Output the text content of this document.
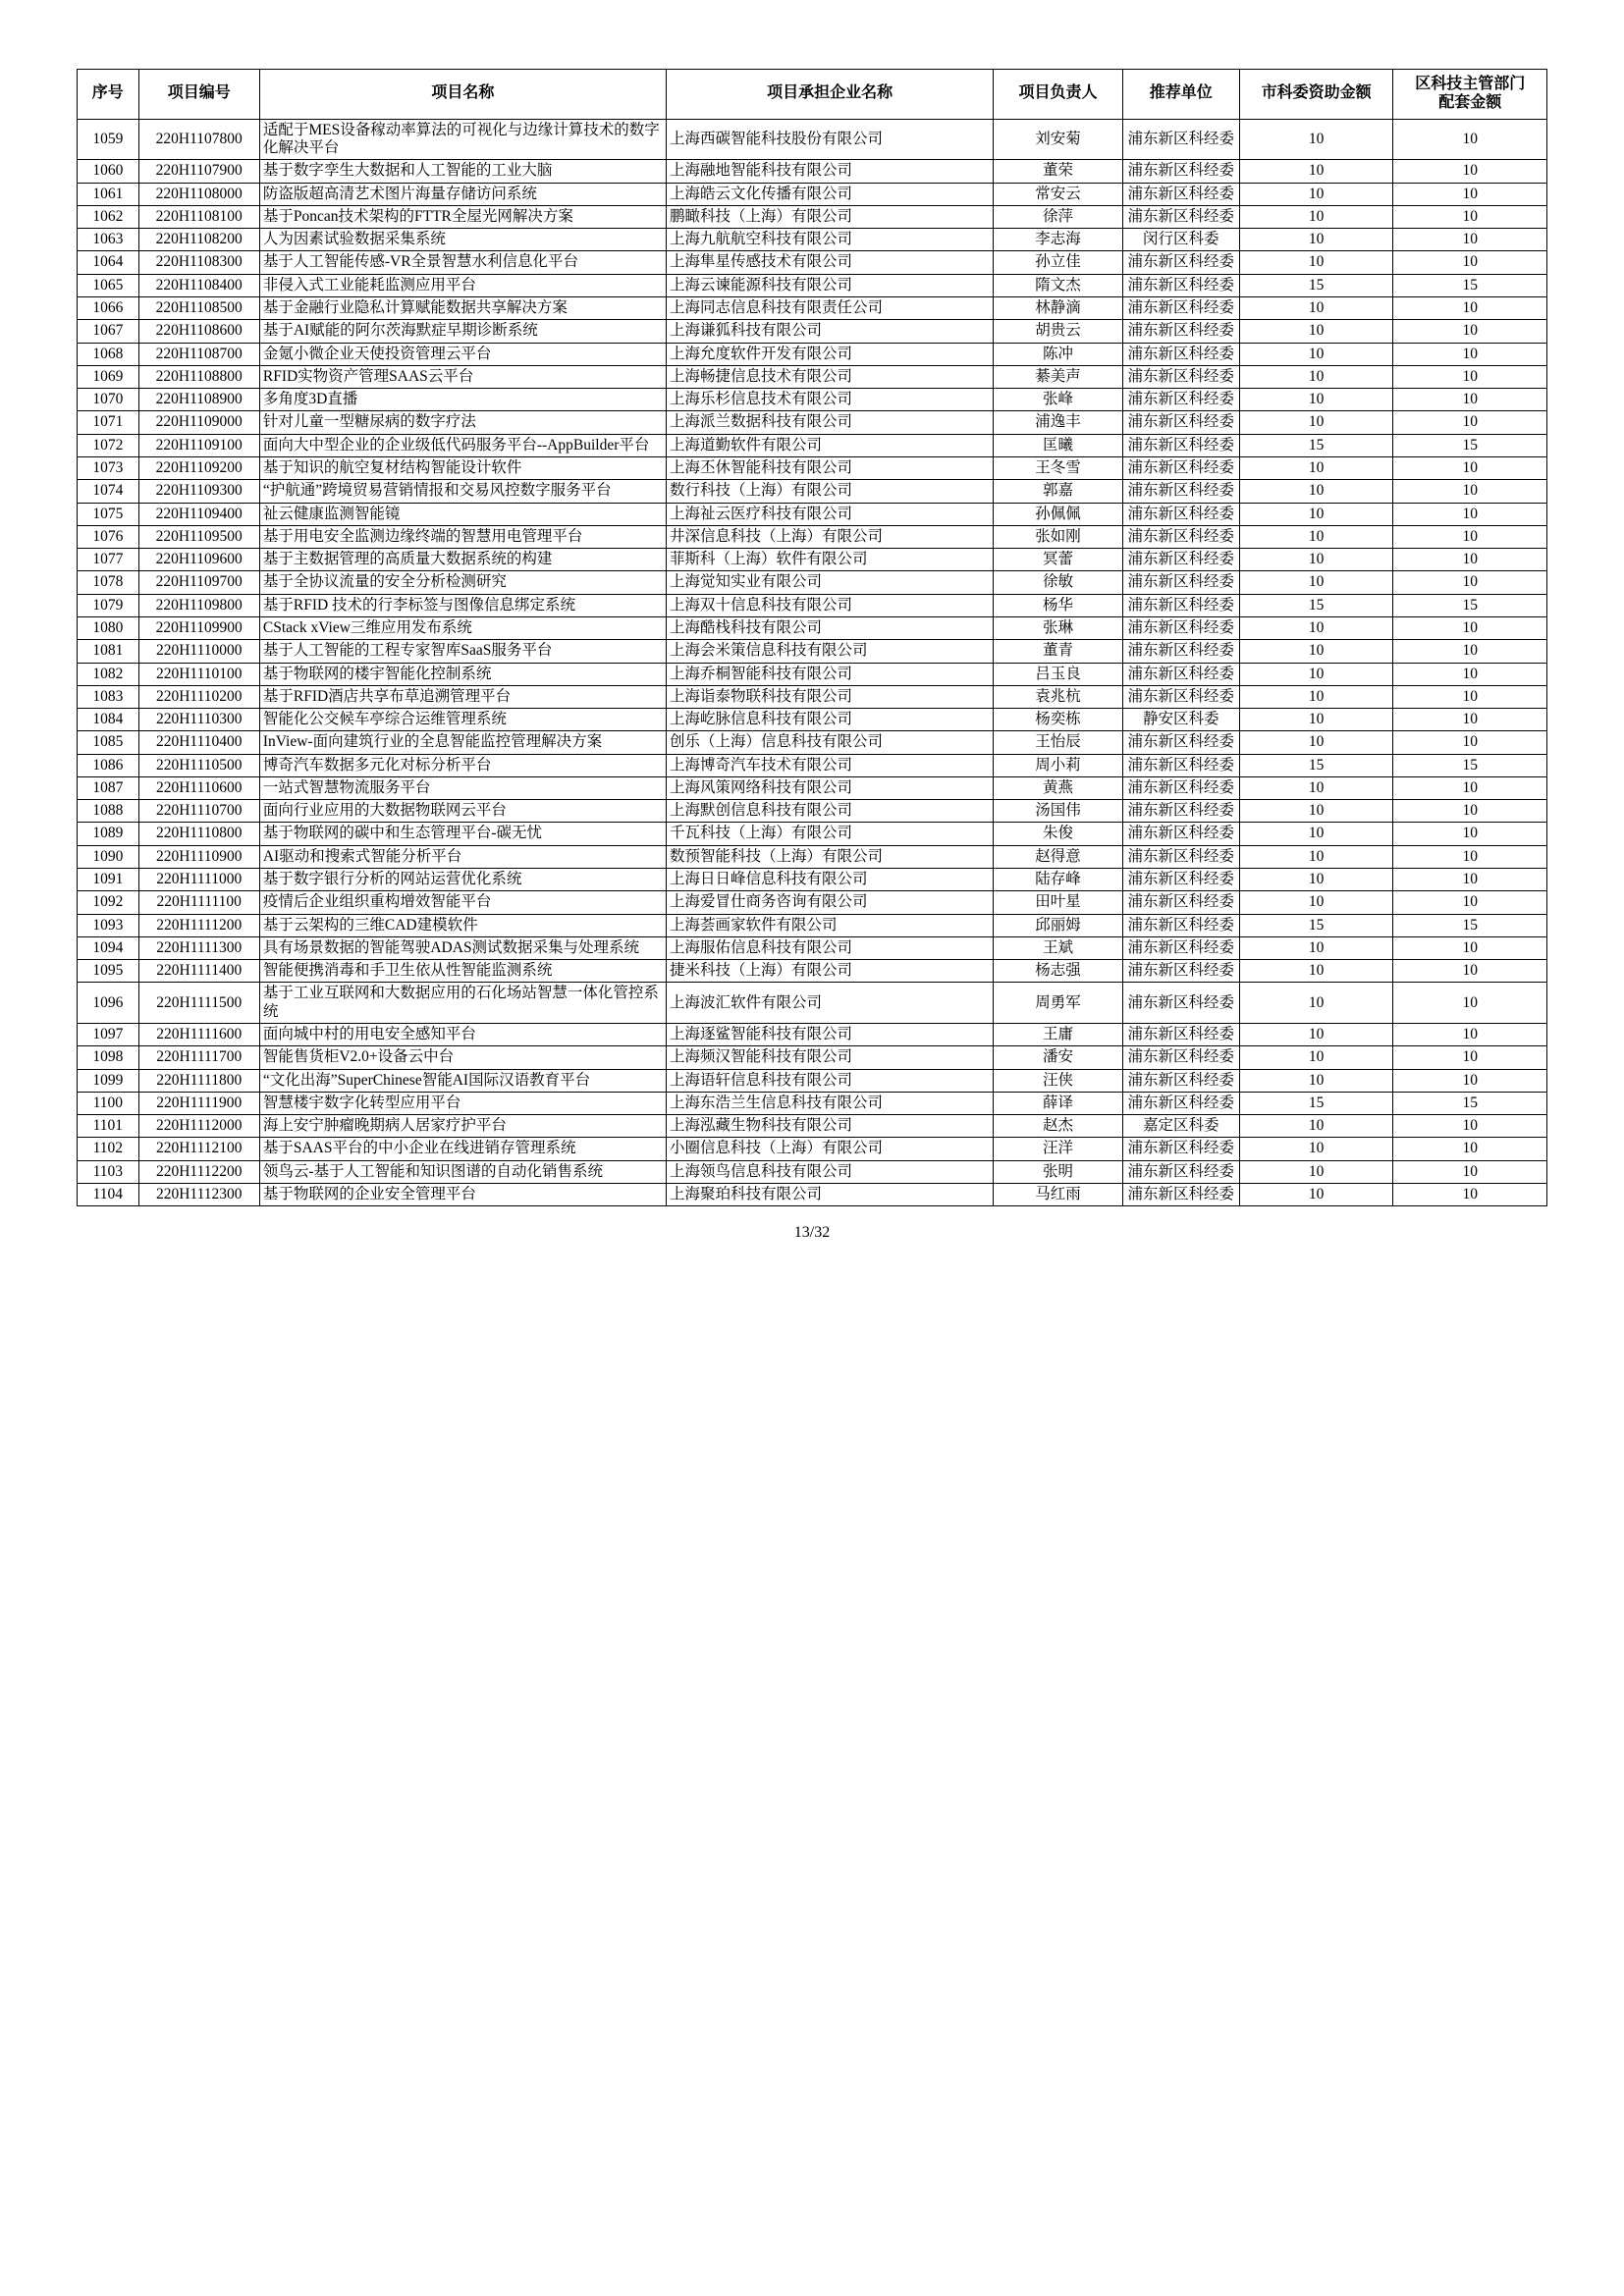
序号	项目编号	项目名称	项目承担企业名称	项目负责人	推荐单位	市科委资助金额	区科技主管部门
配套金额

1059	220H1107800	适配于MES设备稼动率算法的可视化与边缘计算技术的数字化解决平台	上海西碳智能科技股份有限公司	刘安菊	浦东新区科经委	10	10
1060	220H1107900	基于数字孪生大数据和人工智能的工业大脑	上海融地智能科技有限公司	董荣	浦东新区科经委	10	10
1061	220H1108000	防盗版超高清艺术图片海量存储访问系统	上海皓云文化传播有限公司	常安云	浦东新区科经委	10	10
1062	220H1108100	基于Poncan技术架构的FTTR全屋光网解决方案	鹏瞰科技（上海）有限公司	徐萍	浦东新区科经委	10	10
1063	220H1108200	人为因素试验数据采集系统	上海九航航空科技有限公司	李志海	闵行区科委	10	10
1064	220H1108300	基于人工智能传感-VR全景智慧水利信息化平台	上海隼星传感技术有限公司	孙立佳	浦东新区科经委	10	10
1065	220H1108400	非侵入式工业能耗监测应用平台	上海云谏能源科技有限公司	隋文杰	浦东新区科经委	15	15
1066	220H1108500	基于金融行业隐私计算赋能数据共享解决方案	上海同志信息科技有限责任公司	林静滴	浦东新区科经委	10	10
1067	220H1108600	基于AI赋能的阿尔茨海默症早期诊断系统	上海谦狐科技有限公司	胡贵云	浦东新区科经委	10	10
1068	220H1108700	金氪小微企业天使投资管理云平台	上海允度软件开发有限公司	陈冲	浦东新区科经委	10	10
1069	220H1108800	RFID实物资产管理SAAS云平台	上海畅捷信息技术有限公司	綦美声	浦东新区科经委	10	10
1070	220H1108900	多角度3D直播	上海乐杉信息技术有限公司	张峰	浦东新区科经委	10	10
1071	220H1109000	针对儿童一型糖尿病的数字疗法	上海派兰数据科技有限公司	浦逸丰	浦东新区科经委	10	10
1072	220H1109100	面向大中型企业的企业级低代码服务平台--AppBuilder平台	上海道勤软件有限公司	匡曦	浦东新区科经委	15	15
1073	220H1109200	基于知识的航空复材结构智能设计软件	上海丕休智能科技有限公司	王冬雪	浦东新区科经委	10	10
1074	220H1109300	“护航通”跨境贸易营销情报和交易风控数字服务平台	数行科技（上海）有限公司	郭嘉	浦东新区科经委	10	10
1075	220H1109400	祉云健康监测智能镜	上海祉云医疗科技有限公司	孙佩佩	浦东新区科经委	10	10
1076	220H1109500	基于用电安全监测边缘终端的智慧用电管理平台	井深信息科技（上海）有限公司	张如刚	浦东新区科经委	10	10
1077	220H1109600	基于主数据管理的高质量大数据系统的构建	菲斯科（上海）软件有限公司	冥蕾	浦东新区科经委	10	10
1078	220H1109700	基于全协议流量的安全分析检测研究	上海觉知实业有限公司	徐敏	浦东新区科经委	10	10
1079	220H1109800	基于RFID 技术的行李标签与图像信息绑定系统	上海双十信息科技有限公司	杨华	浦东新区科经委	15	15
1080	220H1109900	CStack xView三维应用发布系统	上海酷栈科技有限公司	张琳	浦东新区科经委	10	10
1081	220H1110000	基于人工智能的工程专家智库SaaS服务平台	上海会米策信息科技有限公司	董青	浦东新区科经委	10	10
1082	220H1110100	基于物联网的楼宇智能化控制系统	上海乔桐智能科技有限公司	吕玉良	浦东新区科经委	10	10
1083	220H1110200	基于RFID酒店共享布草追溯管理平台	上海诣泰物联科技有限公司	袁兆杭	浦东新区科经委	10	10
1084	220H1110300	智能化公交候车亭综合运维管理系统	上海屹脉信息科技有限公司	杨奕栋	静安区科委	10	10
1085	220H1110400	InView-面向建筑行业的全息智能监控管理解决方案	创乐（上海）信息科技有限公司	王怡辰	浦东新区科经委	10	10
1086	220H1110500	博奇汽车数据多元化对标分析平台	上海博奇汽车技术有限公司	周小莉	浦东新区科经委	15	15
1087	220H1110600	一站式智慧物流服务平台	上海风策网络科技有限公司	黄燕	浦东新区科经委	10	10
1088	220H1110700	面向行业应用的大数据物联网云平台	上海默创信息科技有限公司	汤国伟	浦东新区科经委	10	10
1089	220H1110800	基于物联网的碳中和生态管理平台-碳无忧	千瓦科技（上海）有限公司	朱俊	浦东新区科经委	10	10
1090	220H1110900	AI驱动和搜索式智能分析平台	数预智能科技（上海）有限公司	赵得意	浦东新区科经委	10	10
1091	220H1111000	基于数字银行分析的网站运营优化系统	上海日日峰信息科技有限公司	陆存峰	浦东新区科经委	10	10
1092	220H1111100	疫情后企业组织重构增效智能平台	上海爱冒仕商务咨询有限公司	田叶星	浦东新区科经委	10	10
1093	220H1111200	基于云架构的三维CAD建模软件	上海荟画家软件有限公司	邱丽姆	浦东新区科经委	15	15
1094	220H1111300	具有场景数据的智能驾驶ADAS测试数据采集与处理系统	上海服佑信息科技有限公司	王斌	浦东新区科经委	10	10
1095	220H1111400	智能便携消毒和手卫生依从性智能监测系统	捷米科技（上海）有限公司	杨志强	浦东新区科经委	10	10
1096	220H1111500	基于工业互联网和大数据应用的石化场站智慧一体化管控系统	上海波汇软件有限公司	周勇军	浦东新区科经委	10	10
1097	220H1111600	面向城中村的用电安全感知平台	上海逐鲨智能科技有限公司	王庸	浦东新区科经委	10	10
1098	220H1111700	智能售货柜V2.0+设备云中台	上海频汉智能科技有限公司	潘安	浦东新区科经委	10	10
1099	220H1111800	“文化出海”SuperChinese智能AI国际汉语教育平台	上海语轩信息科技有限公司	汪侠	浦东新区科经委	10	10
1100	220H1111900	智慧楼宇数字化转型应用平台	上海东浩兰生信息科技有限公司	薛译	浦东新区科经委	15	15
1101	220H1112000	海上安宁肿瘤晚期病人居家疗护平台	上海泓藏生物科技有限公司	赵杰	嘉定区科委	10	10
1102	220H1112100	基于SAAS平台的中小企业在线进销存管理系统	小圈信息科技（上海）有限公司	汪洋	浦东新区科经委	10	10
1103	220H1112200	领鸟云-基于人工智能和知识图谱的自动化销售系统	上海领鸟信息科技有限公司	张明	浦东新区科经委	10	10
1104	220H1112300	基于物联网的企业安全管理平台	上海聚珀科技有限公司	马红雨	浦东新区科经委	10	10
13/32
